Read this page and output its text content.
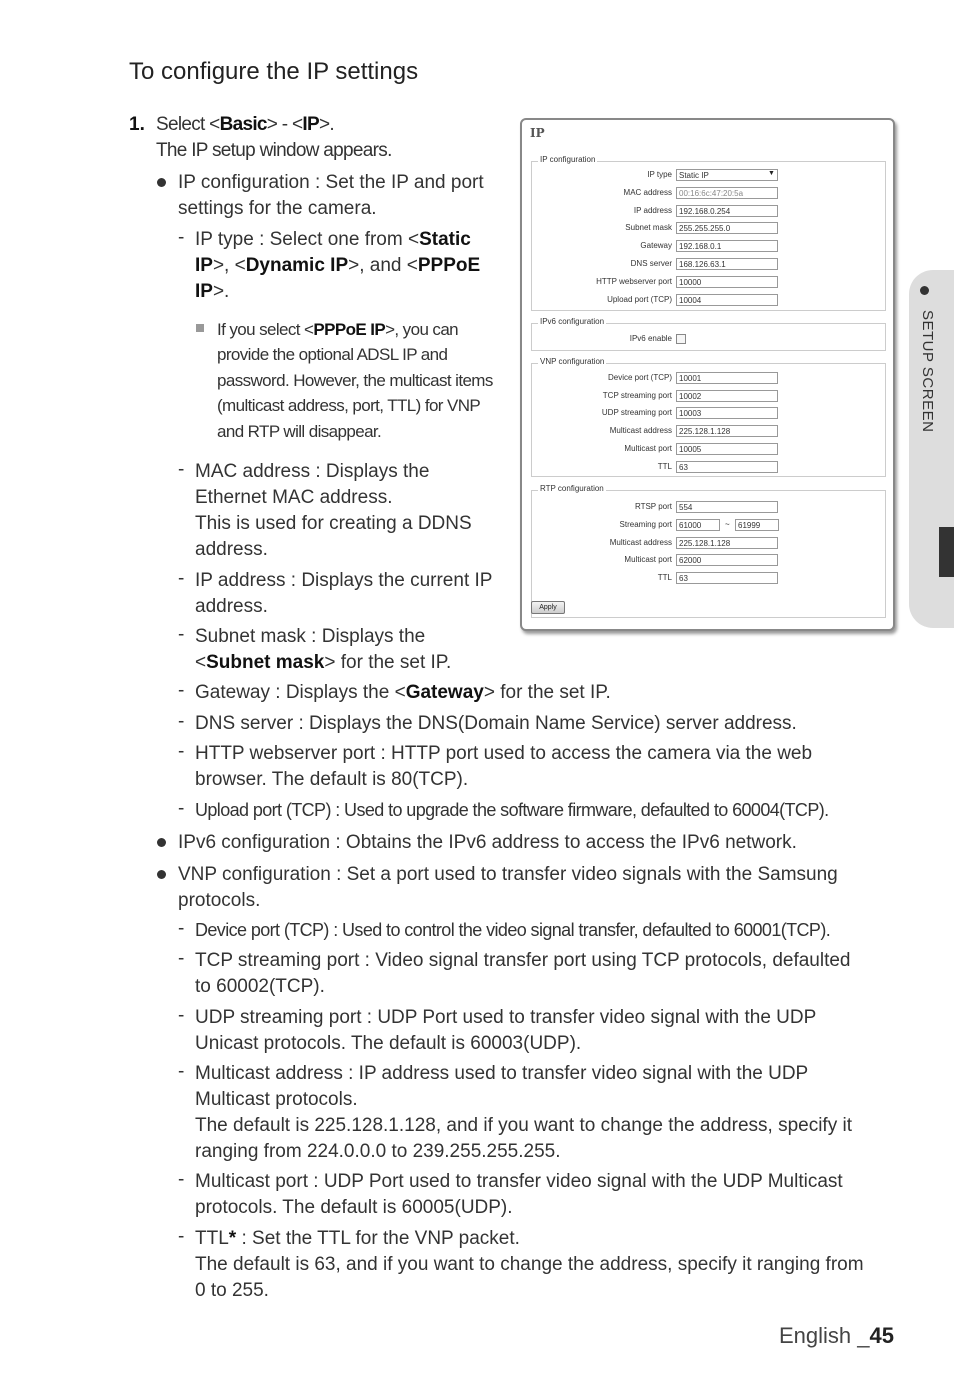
To configure the IP settings
1. Select <Basic> - <IP>.
The IP setup window appears.
IP configuration : Set the IP and port
settings for the camera.
- IP type : Select one from <Static
IP>, <Dynamic IP>, and <PPPoE
IP>.
If you select <PPPoE IP>, you can
provide the optional ADSL IP and
password. However, the multicast items
(multicast address, port, TTL) for VNP
and RTP will disappear.
- MAC address : Displays the
Ethernet MAC address.
This is used for creating a DDNS
address.
- IP address : Displays the current IP
address.
- Subnet mask : Displays the
<Subnet mask> for the set IP.
- Gateway : Displays the <Gateway> for the set IP.
- DNS server : Displays the DNS(Domain Name Service) server address.
- HTTP webserver port : HTTP port used to access the camera via the web
browser. The default is 80(TCP).
- Upload port (TCP) : Used to upgrade the software firmware, defaulted to 60004(TCP).
IPv6 configuration : Obtains the IPv6 address to access the IPv6 network.
VNP configuration : Set a port used to transfer video signals with the Samsung
protocols.
- Device port (TCP) : Used to control the video signal transfer, defaulted to 60001(TCP).
- TCP streaming port : Video signal transfer port using TCP protocols, defaulted
to 60002(TCP).
- UDP streaming port : UDP Port used to transfer video signal with the UDP
Unicast protocols. The default is 60003(UDP).
- Multicast address : IP address used to transfer video signal with the UDP
Multicast protocols.
The default is 225.128.1.128, and if you want to change the address, specify it
ranging from 224.0.0.0 to 239.255.255.255.
- Multicast port : UDP Port used to transfer video signal with the UDP Multicast
protocols. The default is 60005(UDP).
- TTL* : Set the TTL for the VNP packet.
The default is 63, and if you want to change the address, specify it ranging from
0 to 255.
IP
IP configuration
IP type Static IP	▼
MAC address 00:16:6c:47:20:5a
IP address 192.168.0.254
Subnet mask 255.255.255.0
Gateway 192.168.0.1
DNS server 168.126.63.1
HTTP webserver port 10000
Upload port (TCP) 10004
IPv6 configuration
IPv6 enable
VNP configuration
Device port (TCP) 10001
TCP streaming port 10002
UDP streaming port 10003
Multicast address 225.128.1.128
Multicast port 10005
TTL 63
RTP configuration
RTSP port 554
Streaming port 61000	~	61999
Multicast address 225.128.1.128
Multicast port 62000
TTL 63
Apply
SETUP SCREEN
English _45
